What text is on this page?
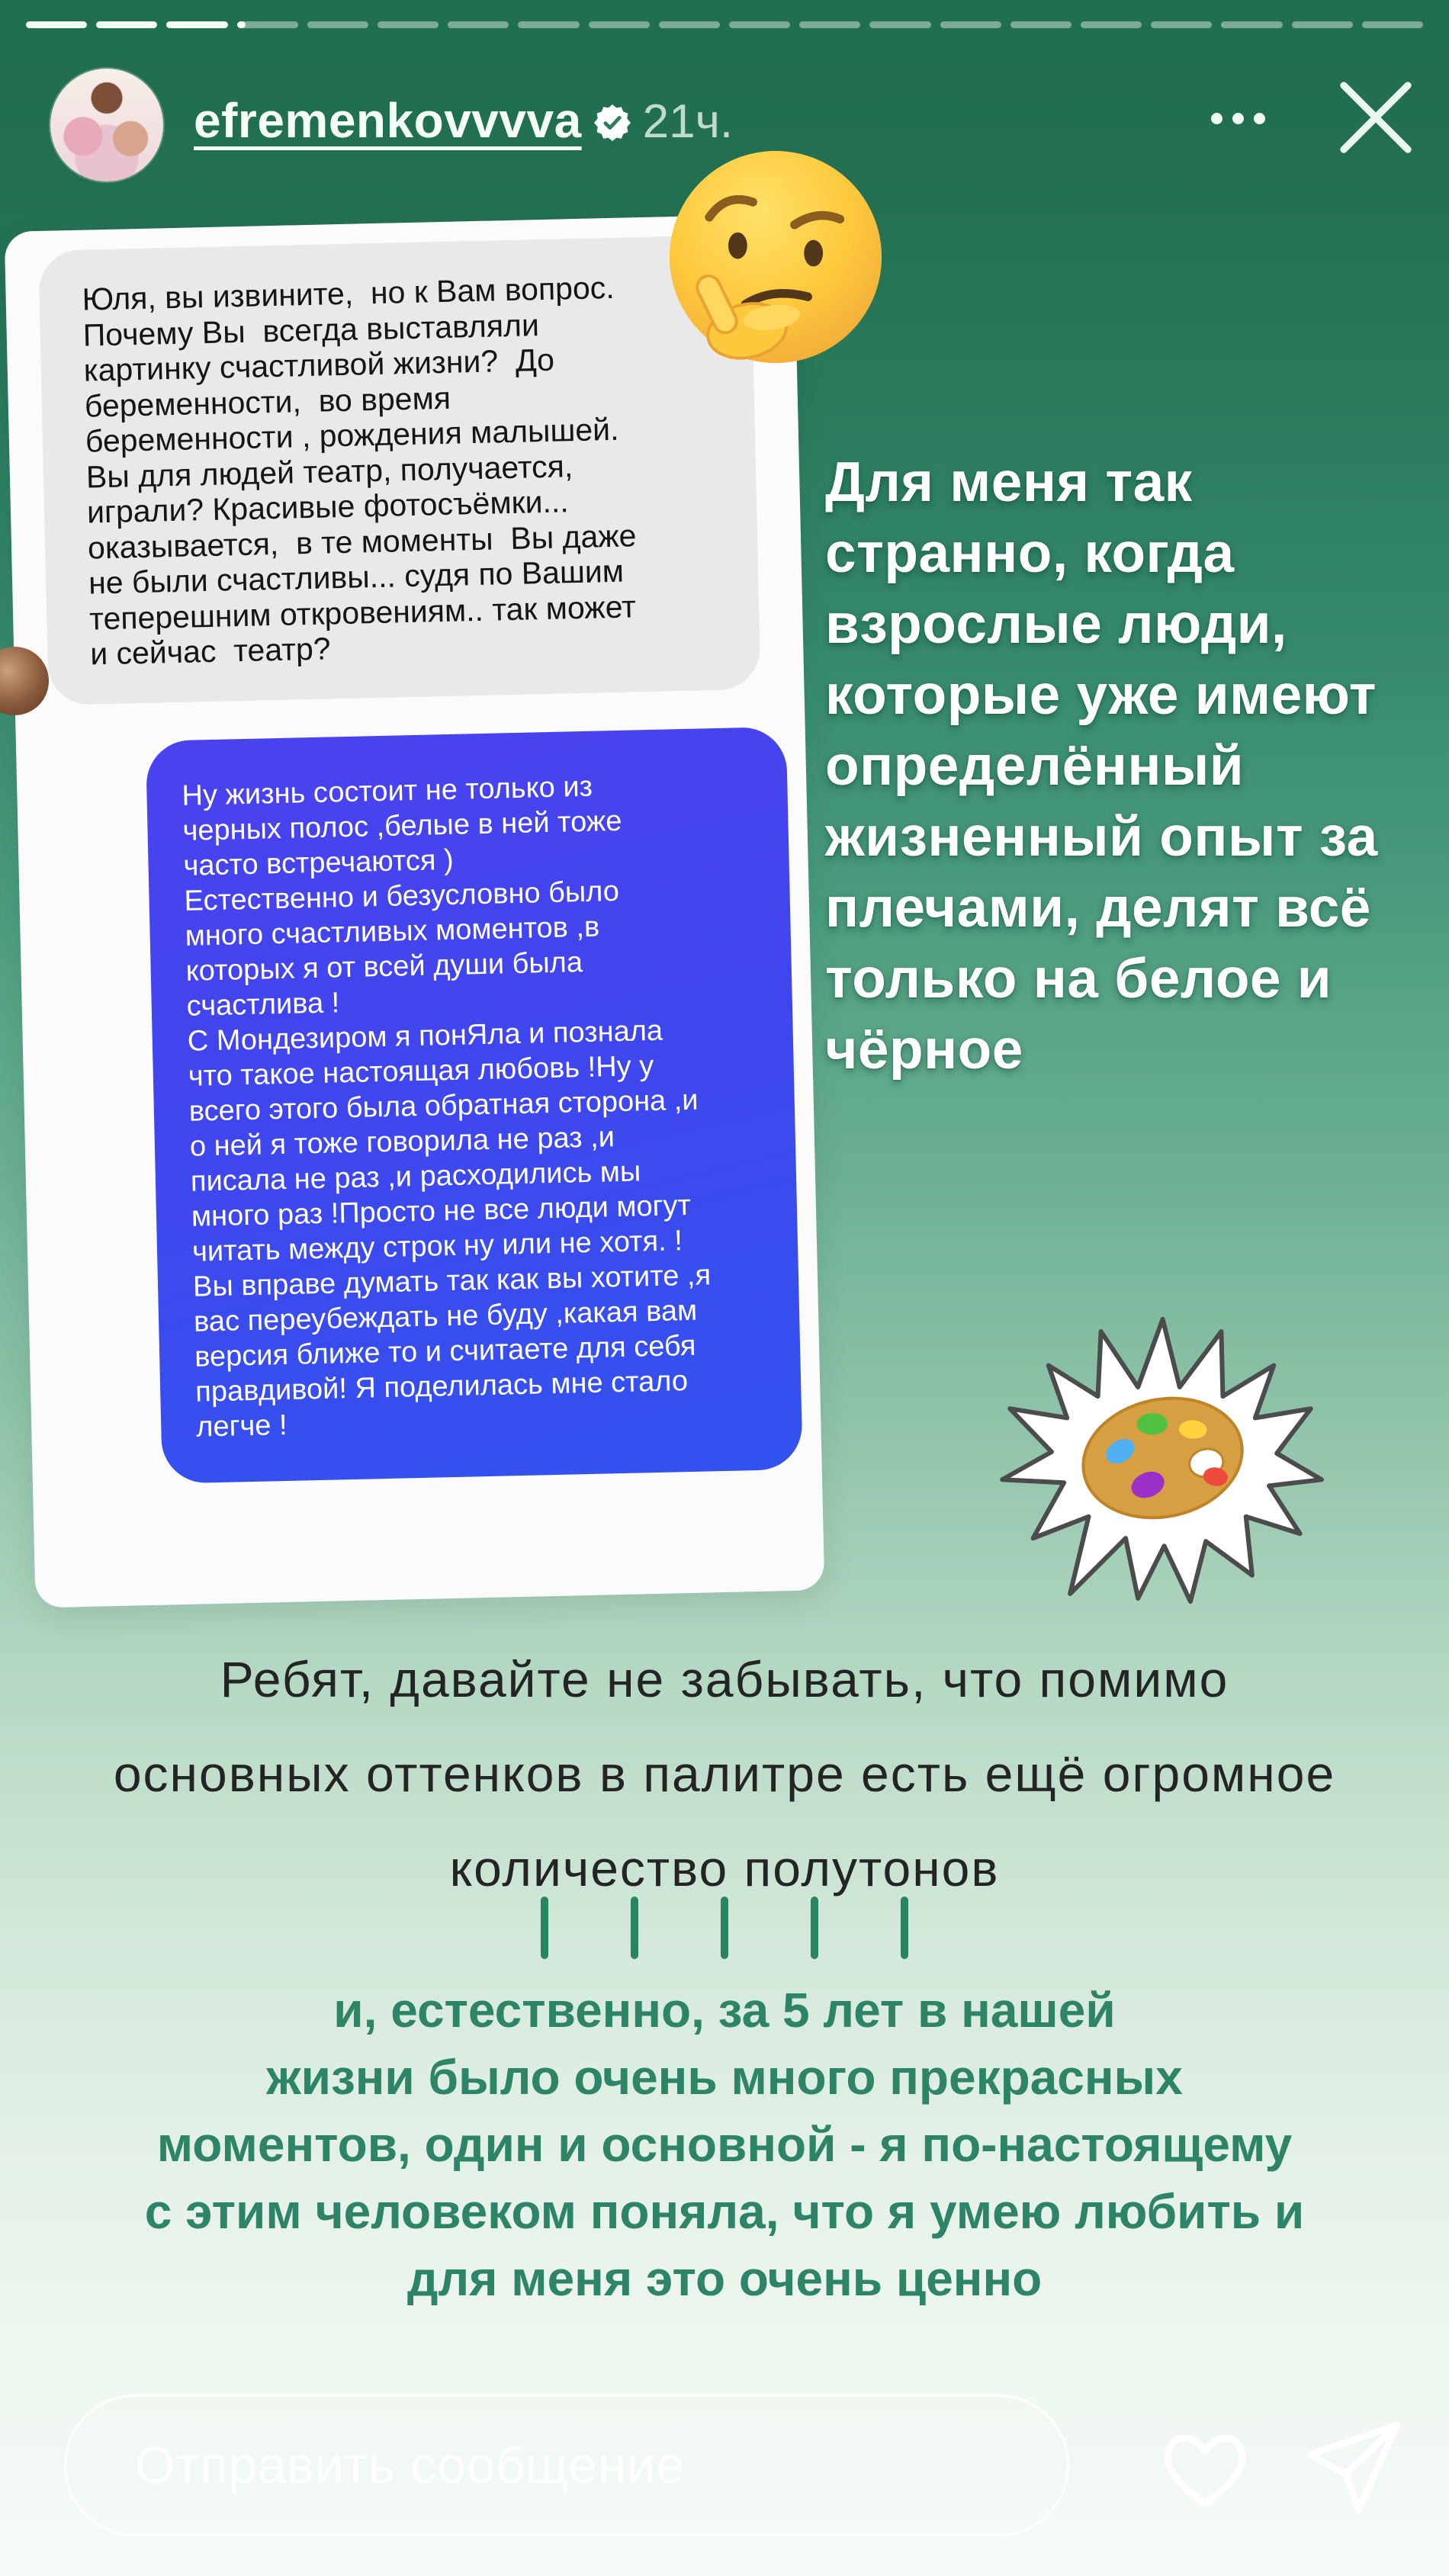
efremenkovvvva 21ч.
Юля, вы извините,  но к Вам вопрос.
Почему Вы  всегда выставляли
картинку счастливой жизни?  До
беременности,  во время
беременности , рождения малышей.
Вы для людей театр, получается,
играли? Красивые фотосъёмки...
оказывается,  в те моменты  Вы даже
не были счастливы... судя по Вашим
теперешним откровениям.. так может
и сейчас  театр?
Ну жизнь состоит не только из
черных полос ,белые в ней тоже
часто встречаются )
Естественно и безусловно было
много счастливых моментов ,в
которых я от всей души была
счастлива !
С Мондезиром я понЯла и познала
что такое настоящая любовь !Ну у
всего этого была обратная сторона ,и
о ней я тоже говорила не раз ,и
писала не раз ,и расходились мы
много раз !Просто не все люди могут
читать между строк ну или не хотя. !
Вы вправе думать так как вы хотите ,я
вас переубеждать не буду ,какая вам
версия ближе то и считаете для себя
правдивой! Я поделилась мне стало
легче !
Для меня так
странно, когда
взрослые люди,
которые уже имеют
определённый
жизненный опыт за
плечами, делят всё
только на белое и
чёрное
Ребят, давайте не забывать, что помимо
основных оттенков в палитре есть ещё огромное
количество полутонов
и, естественно, за 5 лет в нашей
жизни было очень много прекрасных
моментов, один и основной - я по-настоящему
с этим человеком поняла, что я умею любить и
для меня это очень ценно
Отправить сообщение
